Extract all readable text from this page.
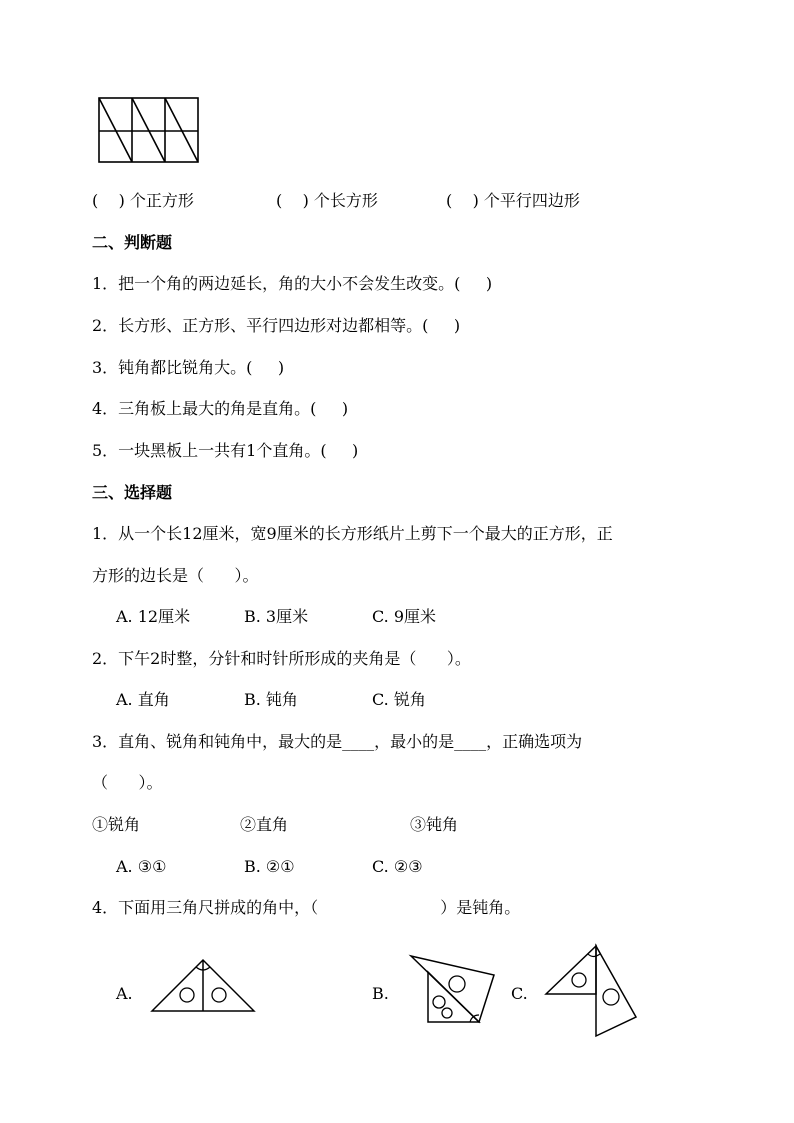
(    ) 个正方形	(    ) 个长方形	(    ) 个平行四边形
二、判断题
1．把一个角的两边延长，角的大小不会发生改变。(     )
2．长方形、正方形、平行四边形对边都相等。(     )
3．钝角都比锐角大。(     )
4．三角板上最大的角是直角。(     )
5．一块黑板上一共有1个直角。(     )
三、选择题
1．从一个长12厘米，宽9厘米的长方形纸片上剪下一个最大的正方形，正
方形的边长是（      ）。
A. 12厘米	B. 3厘米	C. 9厘米
2．下午2时整，分针和时针所形成的夹角是（      ）。
A. 直角	B. 钝角	C. 锐角
3．直角、锐角和钝角中，最大的是____，最小的是____，正确选项为
（      ）。
①锐角	②直角	③钝角
A. ③①	B. ②①	C. ②③
4．下面用三角尺拼成的角中，（                        ）是钝角。
A.	B.	C.
